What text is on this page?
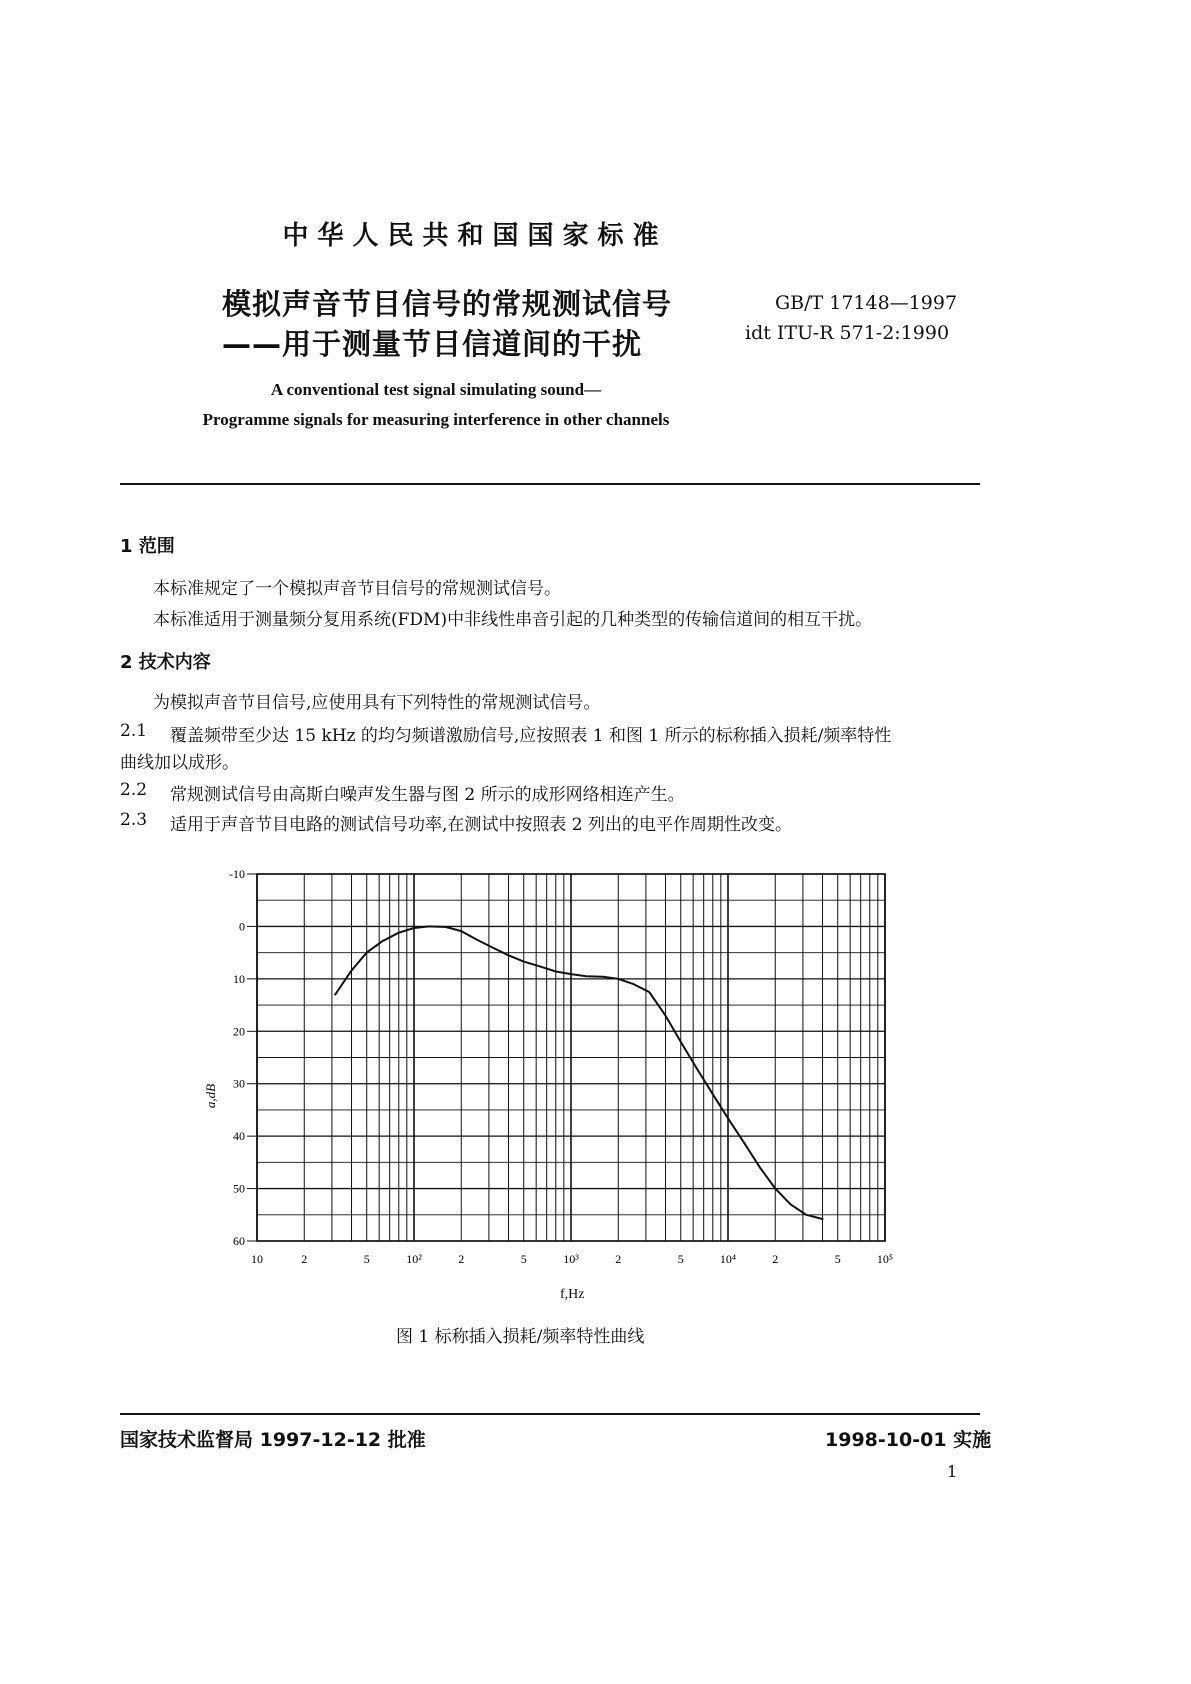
中华人民共和国国家标准
模拟声音节目信号的常规测试信号
——用于测量节目信道间的干扰
GB/T 17148—1997
idt ITU-R 571-2:1990
A conventional test signal simulating sound—
Programme signals for measuring interference in other channels
1 范围
本标准规定了一个模拟声音节目信号的常规测试信号。
本标准适用于测量频分复用系统(FDM)中非线性串音引起的几种类型的传输信道间的相互干扰。
2 技术内容
为模拟声音节目信号,应使用具有下列特性的常规测试信号。
2.1 覆盖频带至少达 15 kHz 的均匀频谱激励信号,应按照表 1 和图 1 所示的标称插入损耗/频率特性
曲线加以成形。
2.2 常规测试信号由高斯白噪声发生器与图 2 所示的成形网络相连产生。
2.3 适用于声音节目电路的测试信号功率,在测试中按照表 2 列出的电平作周期性改变。
-10
0
10
20
30
40
50
60
10	2	5	10²	2	5	10³	2	5	10⁴	2	5	10⁵
a,dB
f,Hz
图 1 标称插入损耗/频率特性曲线
国家技术监督局 1997-12-12 批准	1998-10-01 实施
1
